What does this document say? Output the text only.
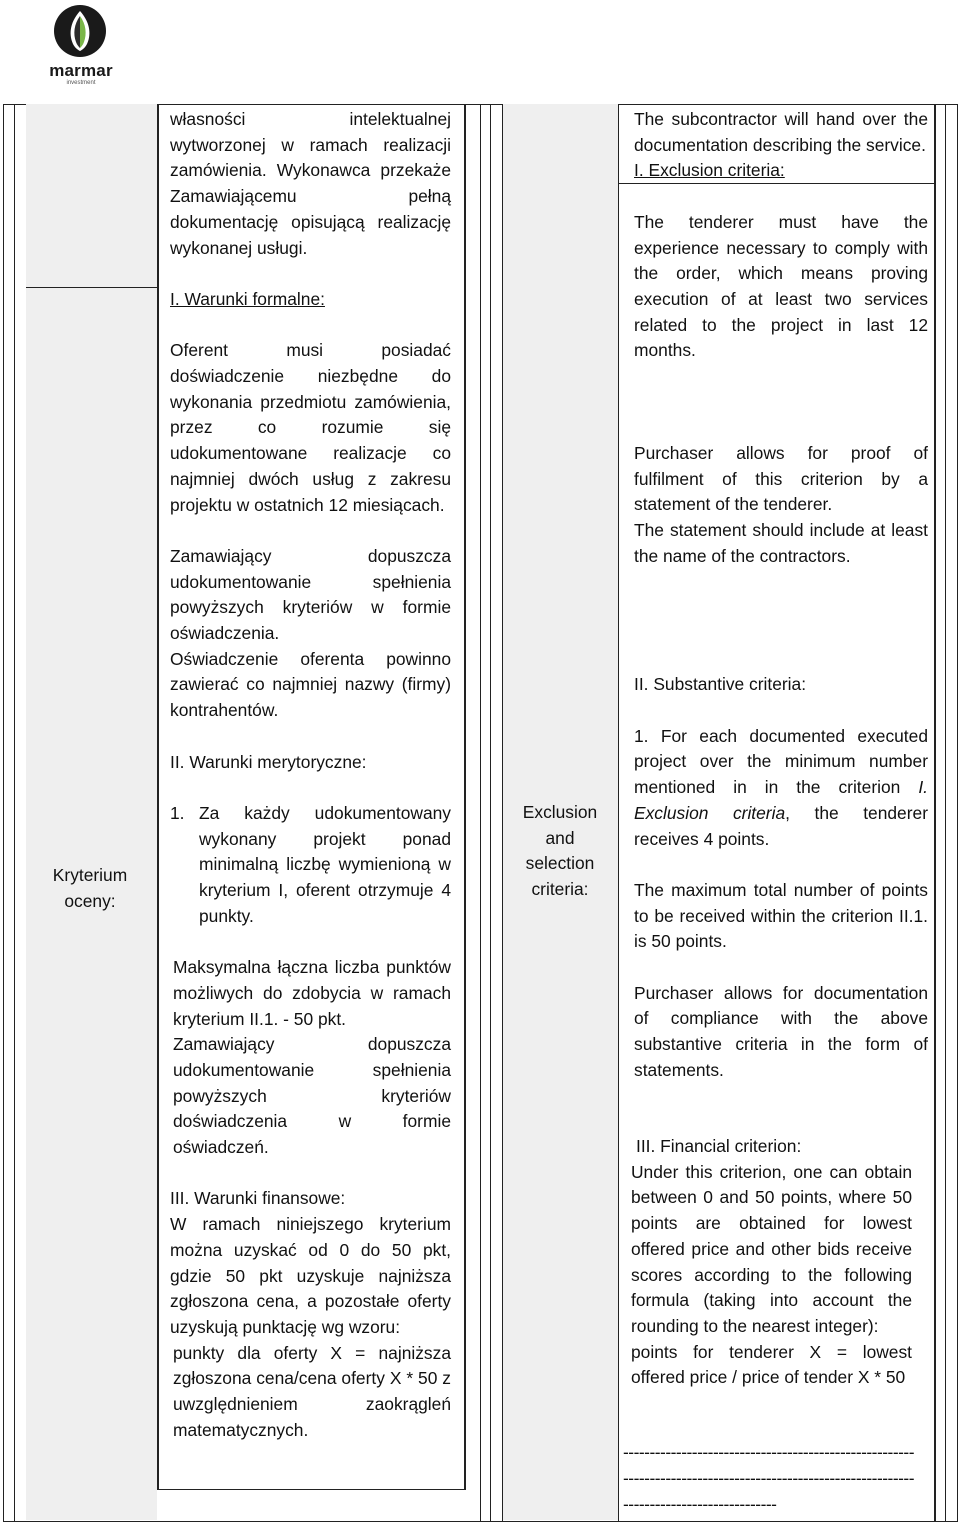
marmar
investment
Kryterium oceny:
Exclusion and selection criteria:

własności intelektualnej wytworzonej w ramach realizacji zamówienia. Wykonawca przekaże Zamawiającemu pełną dokumentację opisującą realizację wykonanej usługi.

I. Warunki formalne:

Oferent musi posiadać doświadczenie niezbędne do wykonania przedmiotu zamówienia, przez co rozumie się udokumentowane realizacje co najmniej dwóch usług z zakresu projektu w ostatnich 12 miesiącach.

Zamawiający dopuszcza udokumentowanie spełnienia powyższych kryteriów w formie oświadczenia.

Oświadczenie oferenta powinno zawierać co najmniej nazwy (firmy) kontrahentów.

II. Warunki merytoryczne:

1. Za każdy udokumentowany wykonany projekt ponad minimalną liczbę wymienioną w kryterium I, oferent otrzymuje 4 punkty.

Maksymalna łączna liczba punktów możliwych do zdobycia w ramach kryterium II.1. - 50 pkt.

Zamawiający dopuszcza udokumentowanie spełnienia powyższych kryteriów doświadczenia w formie oświadczeń.

III. Warunki finansowe:

W ramach niniejszego kryterium można uzyskać od 0 do 50 pkt, gdzie 50 pkt uzyskuje najniższa zgłoszona cena, a pozostałe oferty uzyskują punktację wg wzoru:

punkty dla oferty X = najniższa zgłoszona cena/cena oferty X * 50 z uwzględnieniem zaokrągleń matematycznych.

The subcontractor will hand over the documentation describing the service.

I. Exclusion criteria:

The tenderer must have the experience necessary to comply with the order, which means proving execution of at least two services related to the project in last 12 months.

Purchaser allows for proof of fulfilment of this criterion by a statement of the tenderer.

The statement should include at least the name of the contractors.

II. Substantive criteria:

1. For each documented executed project over the minimum number mentioned in in the criterion I. Exclusion criteria, the tenderer receives 4 points.

The maximum total number of points to be received within the criterion II.1. is 50 points.

Purchaser allows for documentation of compliance with the above substantive criteria in the form of statements.

III. Financial criterion:

Under this criterion, one can obtain between 0 and 50 points, where 50 points are obtained for lowest offered price and other bids receive scores according to the following formula (taking into account the rounding to the nearest integer):

points for tenderer X = lowest offered price / price of tender X * 50

-------------------------------------------------------
-------------------------------------------------------
-----------------------------
